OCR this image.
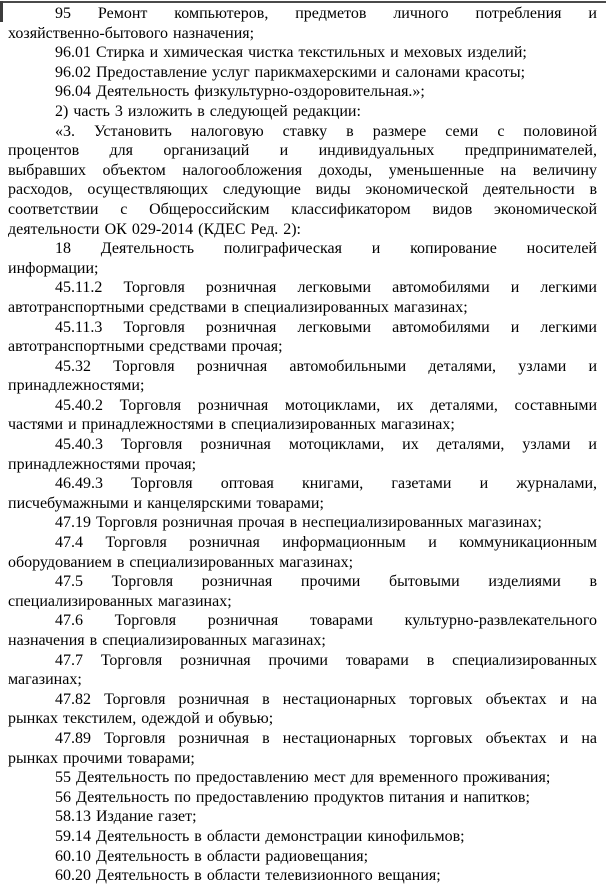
95 Ремонт компьютеров, предметов личного потребления и
хозяйственно-бытового назначения;
96.01 Стирка и химическая чистка текстильных и меховых изделий;
96.02 Предоставление услуг парикмахерскими и салонами красоты;
96.04 Деятельность физкультурно-оздоровительная.»;
2) часть 3 изложить в следующей редакции:
«3. Установить налоговую ставку в размере семи с половиной
процентов для организаций и индивидуальных предпринимателей,
выбравших объектом налогообложения доходы, уменьшенные на величину
расходов, осуществляющих следующие виды экономической деятельности в
соответствии с Общероссийским классификатором видов экономической
деятельности ОК 029-2014 (КДЕС Ред. 2):
18 Деятельность полиграфическая и копирование носителей
информации;
45.11.2 Торговля розничная легковыми автомобилями и легкими
автотранспортными средствами в специализированных магазинах;
45.11.3 Торговля розничная легковыми автомобилями и легкими
автотранспортными средствами прочая;
45.32 Торговля розничная автомобильными деталями, узлами и
принадлежностями;
45.40.2 Торговля розничная мотоциклами, их деталями, составными
частями и принадлежностями в специализированных магазинах;
45.40.3 Торговля розничная мотоциклами, их деталями, узлами и
принадлежностями прочая;
46.49.3 Торговля оптовая книгами, газетами и журналами,
писчебумажными и канцелярскими товарами;
47.19 Торговля розничная прочая в неспециализированных магазинах;
47.4 Торговля розничная информационным и коммуникационным
оборудованием в специализированных магазинах;
47.5 Торговля розничная прочими бытовыми изделиями в
специализированных магазинах;
47.6 Торговля розничная товарами культурно-развлекательного
назначения в специализированных магазинах;
47.7 Торговля розничная прочими товарами в специализированных
магазинах;
47.82 Торговля розничная в нестационарных торговых объектах и на
рынках текстилем, одеждой и обувью;
47.89 Торговля розничная в нестационарных торговых объектах и на
рынках прочими товарами;
55 Деятельность по предоставлению мест для временного проживания;
56 Деятельность по предоставлению продуктов питания и напитков;
58.13 Издание газет;
59.14 Деятельность в области демонстрации кинофильмов;
60.10 Деятельность в области радиовещания;
60.20 Деятельность в области телевизионного вещания;
